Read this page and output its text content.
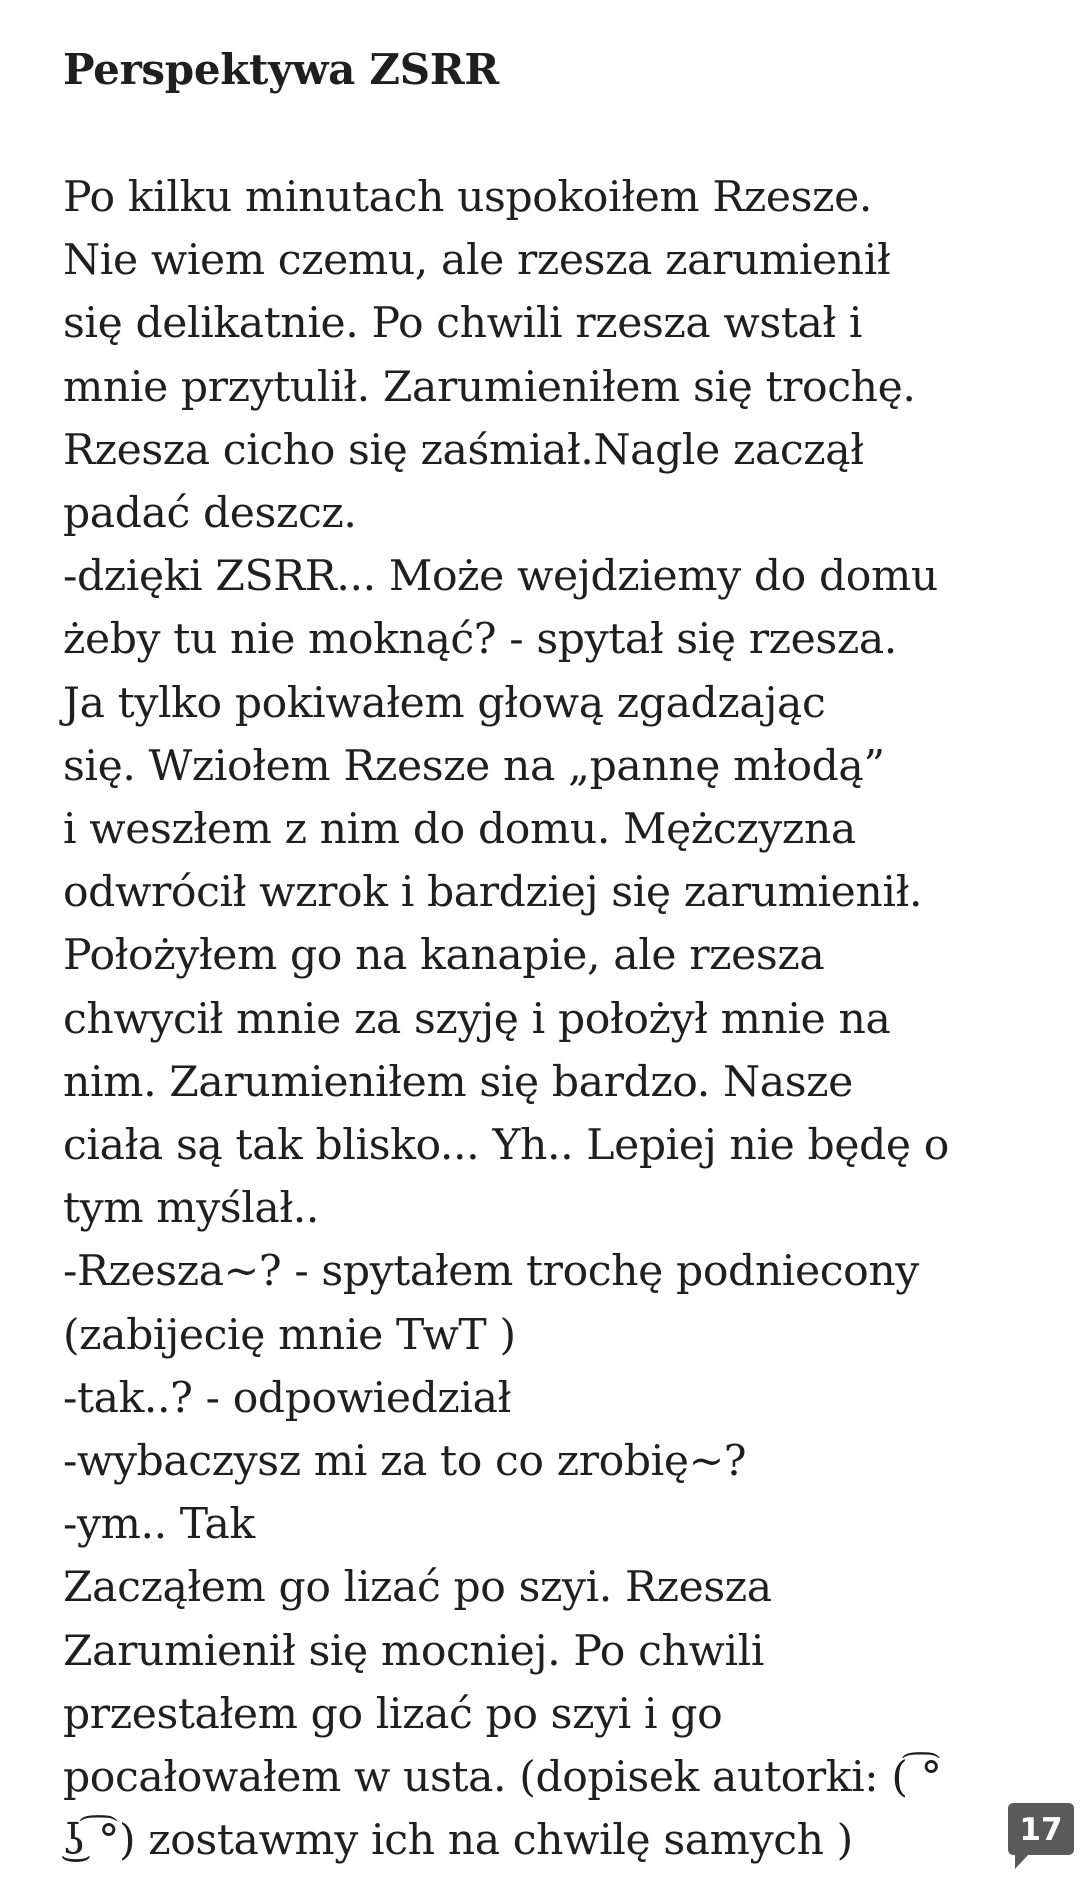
Perspektywa ZSRR
Po kilku minutach uspokoiłem Rzesze.
Nie wiem czemu, ale rzesza zarumienił
się delikatnie. Po chwili rzesza wstał i
mnie przytulił. Zarumieniłem się trochę.
Rzesza cicho się zaśmiał.Nagle zaczął
padać deszcz.
-dzięki ZSRR... Może wejdziemy do domu
żeby tu nie moknąć? - spytał się rzesza.
Ja tylko pokiwałem głową zgadzając
się. Wziołem Rzesze na „pannę młodą”
i weszłem z nim do domu. Mężczyzna
odwrócił wzrok i bardziej się zarumienił.
Położyłem go na kanapie, ale rzesza
chwycił mnie za szyję i położył mnie na
nim. Zarumieniłem się bardzo. Nasze
ciała są tak blisko... Yh.. Lepiej nie będę o
tym myślał..
-Rzesza~? - spytałem trochę podniecony
(zabijecię mnie TwT )
-tak..? - odpowiedział
-wybaczysz mi za to co zrobię~?
-ym.. Tak
Zacząłem go lizać po szyi. Rzesza
Zarumienił się mocniej. Po chwili
przestałem go lizać po szyi i go
pocałowałem w usta. (dopisek autorki: ( ͡°
͜ʖ ͡°) zostawmy ich na chwilę samych )	17
